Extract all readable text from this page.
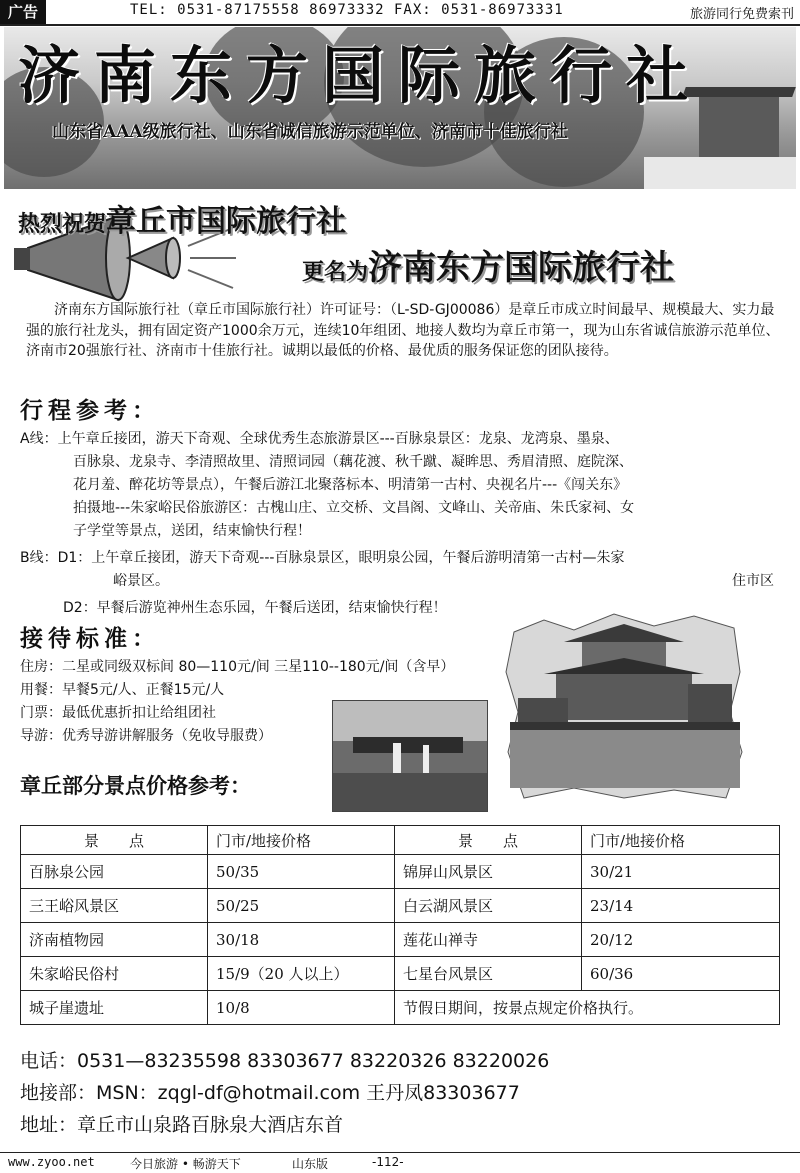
广告	TEL: 0531-87175558 86973332 FAX: 0531-86973331	旅游同行免费索刊
济南东方国际旅行社
山东省AAA级旅行社、山东省诚信旅游示范单位、济南市十佳旅行社
热烈祝贺章丘市国际旅行社
更名为济南东方国际旅行社
济南东方国际旅行社（章丘市国际旅行社）许可证号：（L-SD-GJ00086）是章丘市成立时间最早、规模最大、实力最强的旅行社龙头，拥有固定资产1000余万元，连续10年组团、地接人数均为章丘市第一，现为山东省诚信旅游示范单位、济南市20强旅行社、济南市十佳旅行社。诚期以最低的价格、最优质的服务保证您的团队接待。
行程参考：
A线：上午章丘接团，游天下奇观、全球优秀生态旅游景区---百脉泉景区：龙泉、龙湾泉、墨泉、
百脉泉、龙泉寺、李清照故里、清照词园（藕花渡、秋千蹴、凝眸思、秀眉清照、庭院深、
花月羞、醉花坊等景点），午餐后游江北聚落标本、明清第一古村、央视名片---《闯关东》
拍摄地---朱家峪民俗旅游区：古槐山庄、立交桥、文昌阁、文峰山、关帝庙、朱氏家祠、女
子学堂等景点，送团，结束愉快行程！
B线：D1：上午章丘接团，游天下奇观---百脉泉景区，眼明泉公园，午餐后游明清第一古村—朱家
峪景区。	住市区
D2：早餐后游览神州生态乐园，午餐后送团，结束愉快行程！
接待标准：
住房：二星或同级双标间 80—110元/间 三星110--180元/间（含早）
用餐：早餐5元/人、正餐15元/人
门票：最低优惠折扣让给组团社
导游：优秀导游讲解服务（免收导服费）
章丘部分景点价格参考：
景　　点	门市/地接价格	景　　点	门市/地接价格
百脉泉公园	50/35	锦屏山风景区	30/21
三王峪风景区	50/25	白云湖风景区	23/14
济南植物园	30/18	莲花山禅寺	20/12
朱家峪民俗村	15/9（20 人以上）	七星台风景区	60/36
城子崖遗址	10/8	节假日期间，按景点规定价格执行。	
电话：0531—83235598 83303677 83220326 83220026
地接部：MSN：zqgl-df@hotmail.com 王丹凤83303677
地址：章丘市山泉路百脉泉大酒店东首
www.zyoo.net	今日旅游 • 畅游天下	山东版	-112-
